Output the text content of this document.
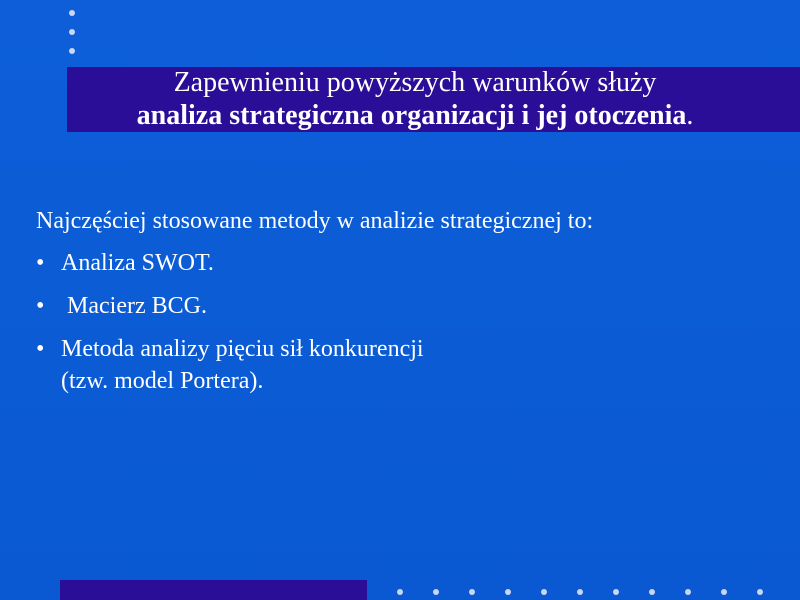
Zapewnieniu powyższych warunków służy
analiza strategiczna organizacji i jej otoczenia.

Najczęściej stosowane metody w analizie strategicznej to:

• Analiza SWOT.
• Macierz BCG.
• Metoda analizy pięciu sił konkurencji
(tzw. model Portera).
